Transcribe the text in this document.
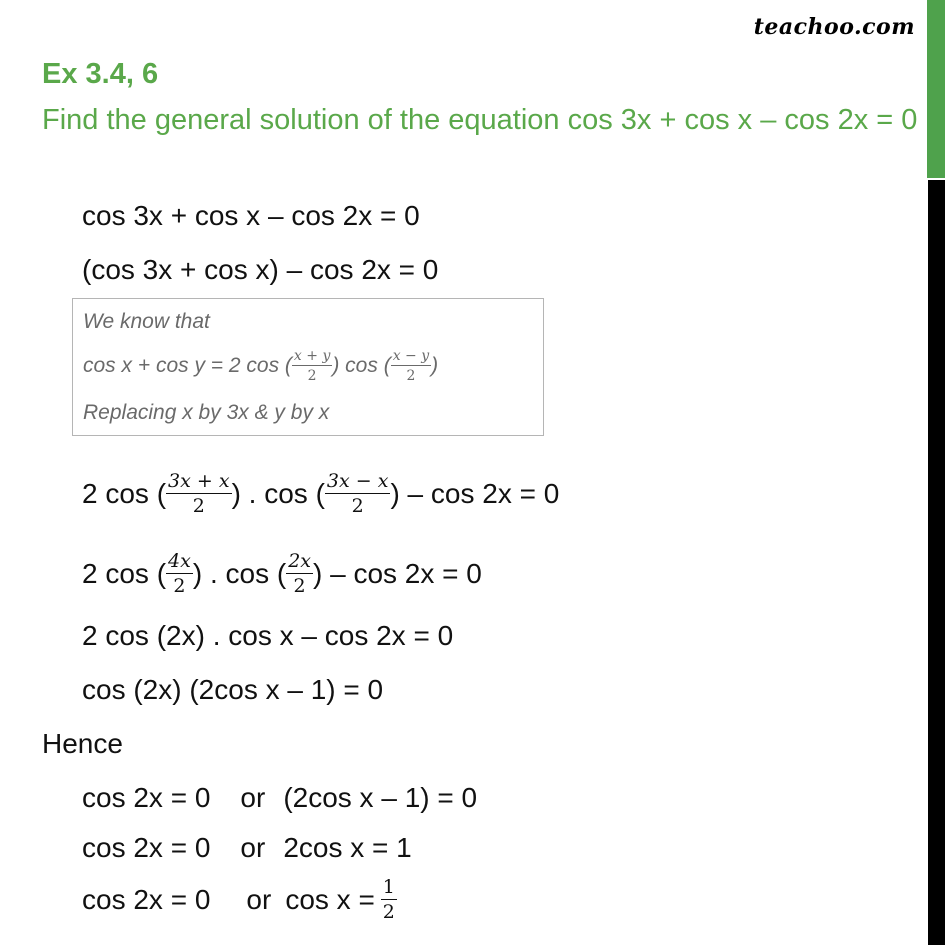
teachoo.com
Ex 3.4, 6
Find the general solution of the equation cos 3x + cos x – cos 2x = 0
cos 3x + cos x – cos 2x = 0
(cos 3x + cos x) – cos 2x = 0
We know that
cos x + cos y = 2 cos ( $\frac{x + y}{2}$ ) cos ( $\frac{x - y}{2}$ )
Replacing x by 3x & y by x
2 cos ( $\frac{3x + x}{2}$ ) . cos ( $\frac{3x - x}{2}$ ) – cos 2x = 0
2 cos ( $\frac{4x}{2}$ ) . cos ( $\frac{2x}{2}$ ) – cos 2x = 0
2 cos (2x) . cos x – cos 2x = 0
cos (2x) (2cos x – 1) = 0
Hence
cos 2x = 0 or (2cos x – 1) = 0
cos 2x = 0 or 2cos x = 1
cos 2x = 0 or $\cos x = \frac{1}{2}$
